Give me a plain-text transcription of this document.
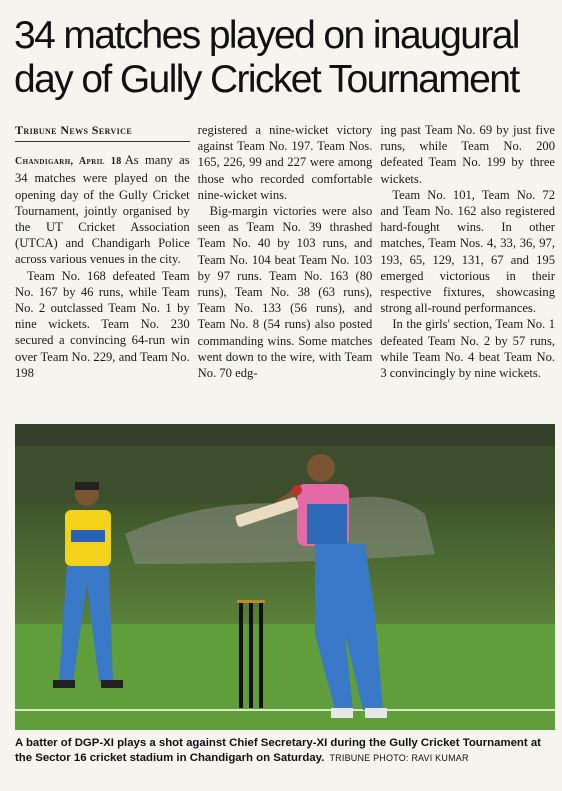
34 matches played on inaugural day of Gully Cricket Tournament
Tribune News Service

Chandigarh, April 18 As many as 34 matches were played on the opening day of the Gully Cricket Tournament, jointly organised by the UT Cricket Association (UTCA) and Chandigarh Police across various venues in the city.

Team No. 168 defeated Team No. 167 by 46 runs, while Team No. 2 outclassed Team No. 1 by nine wickets. Team No. 230 secured a convincing 64-run win over Team No. 229, and Team No. 198

registered a nine-wicket victory against Team No. 197. Team Nos. 165, 226, 99 and 227 were among those who recorded comfortable nine-wicket wins.

Big-margin victories were also seen as Team No. 39 thrashed Team No. 40 by 103 runs, and Team No. 104 beat Team No. 103 by 97 runs. Team No. 163 (80 runs), Team No. 38 (63 runs), Team No. 133 (56 runs), and Team No. 8 (54 runs) also posted commanding wins. Some matches went down to the wire, with Team No. 70 edg-

ing past Team No. 69 by just five runs, while Team No. 200 defeated Team No. 199 by three wickets.

Team No. 101, Team No. 72 and Team No. 162 also registered hard-fought wins. In other matches, Team Nos. 4, 33, 36, 97, 193, 65, 129, 131, 67 and 195 emerged victorious in their respective fixtures, showcasing strong all-round performances.

In the girls' section, Team No. 1 defeated Team No. 2 by 57 runs, while Team No. 4 beat Team No. 3 convincingly by nine wickets.

A batter of DGP-XI plays a shot against Chief Secretary-XI during the Gully Cricket Tournament at the Sector 16 cricket stadium in Chandigarh on Saturday. TRIBUNE PHOTO: RAVI KUMAR
